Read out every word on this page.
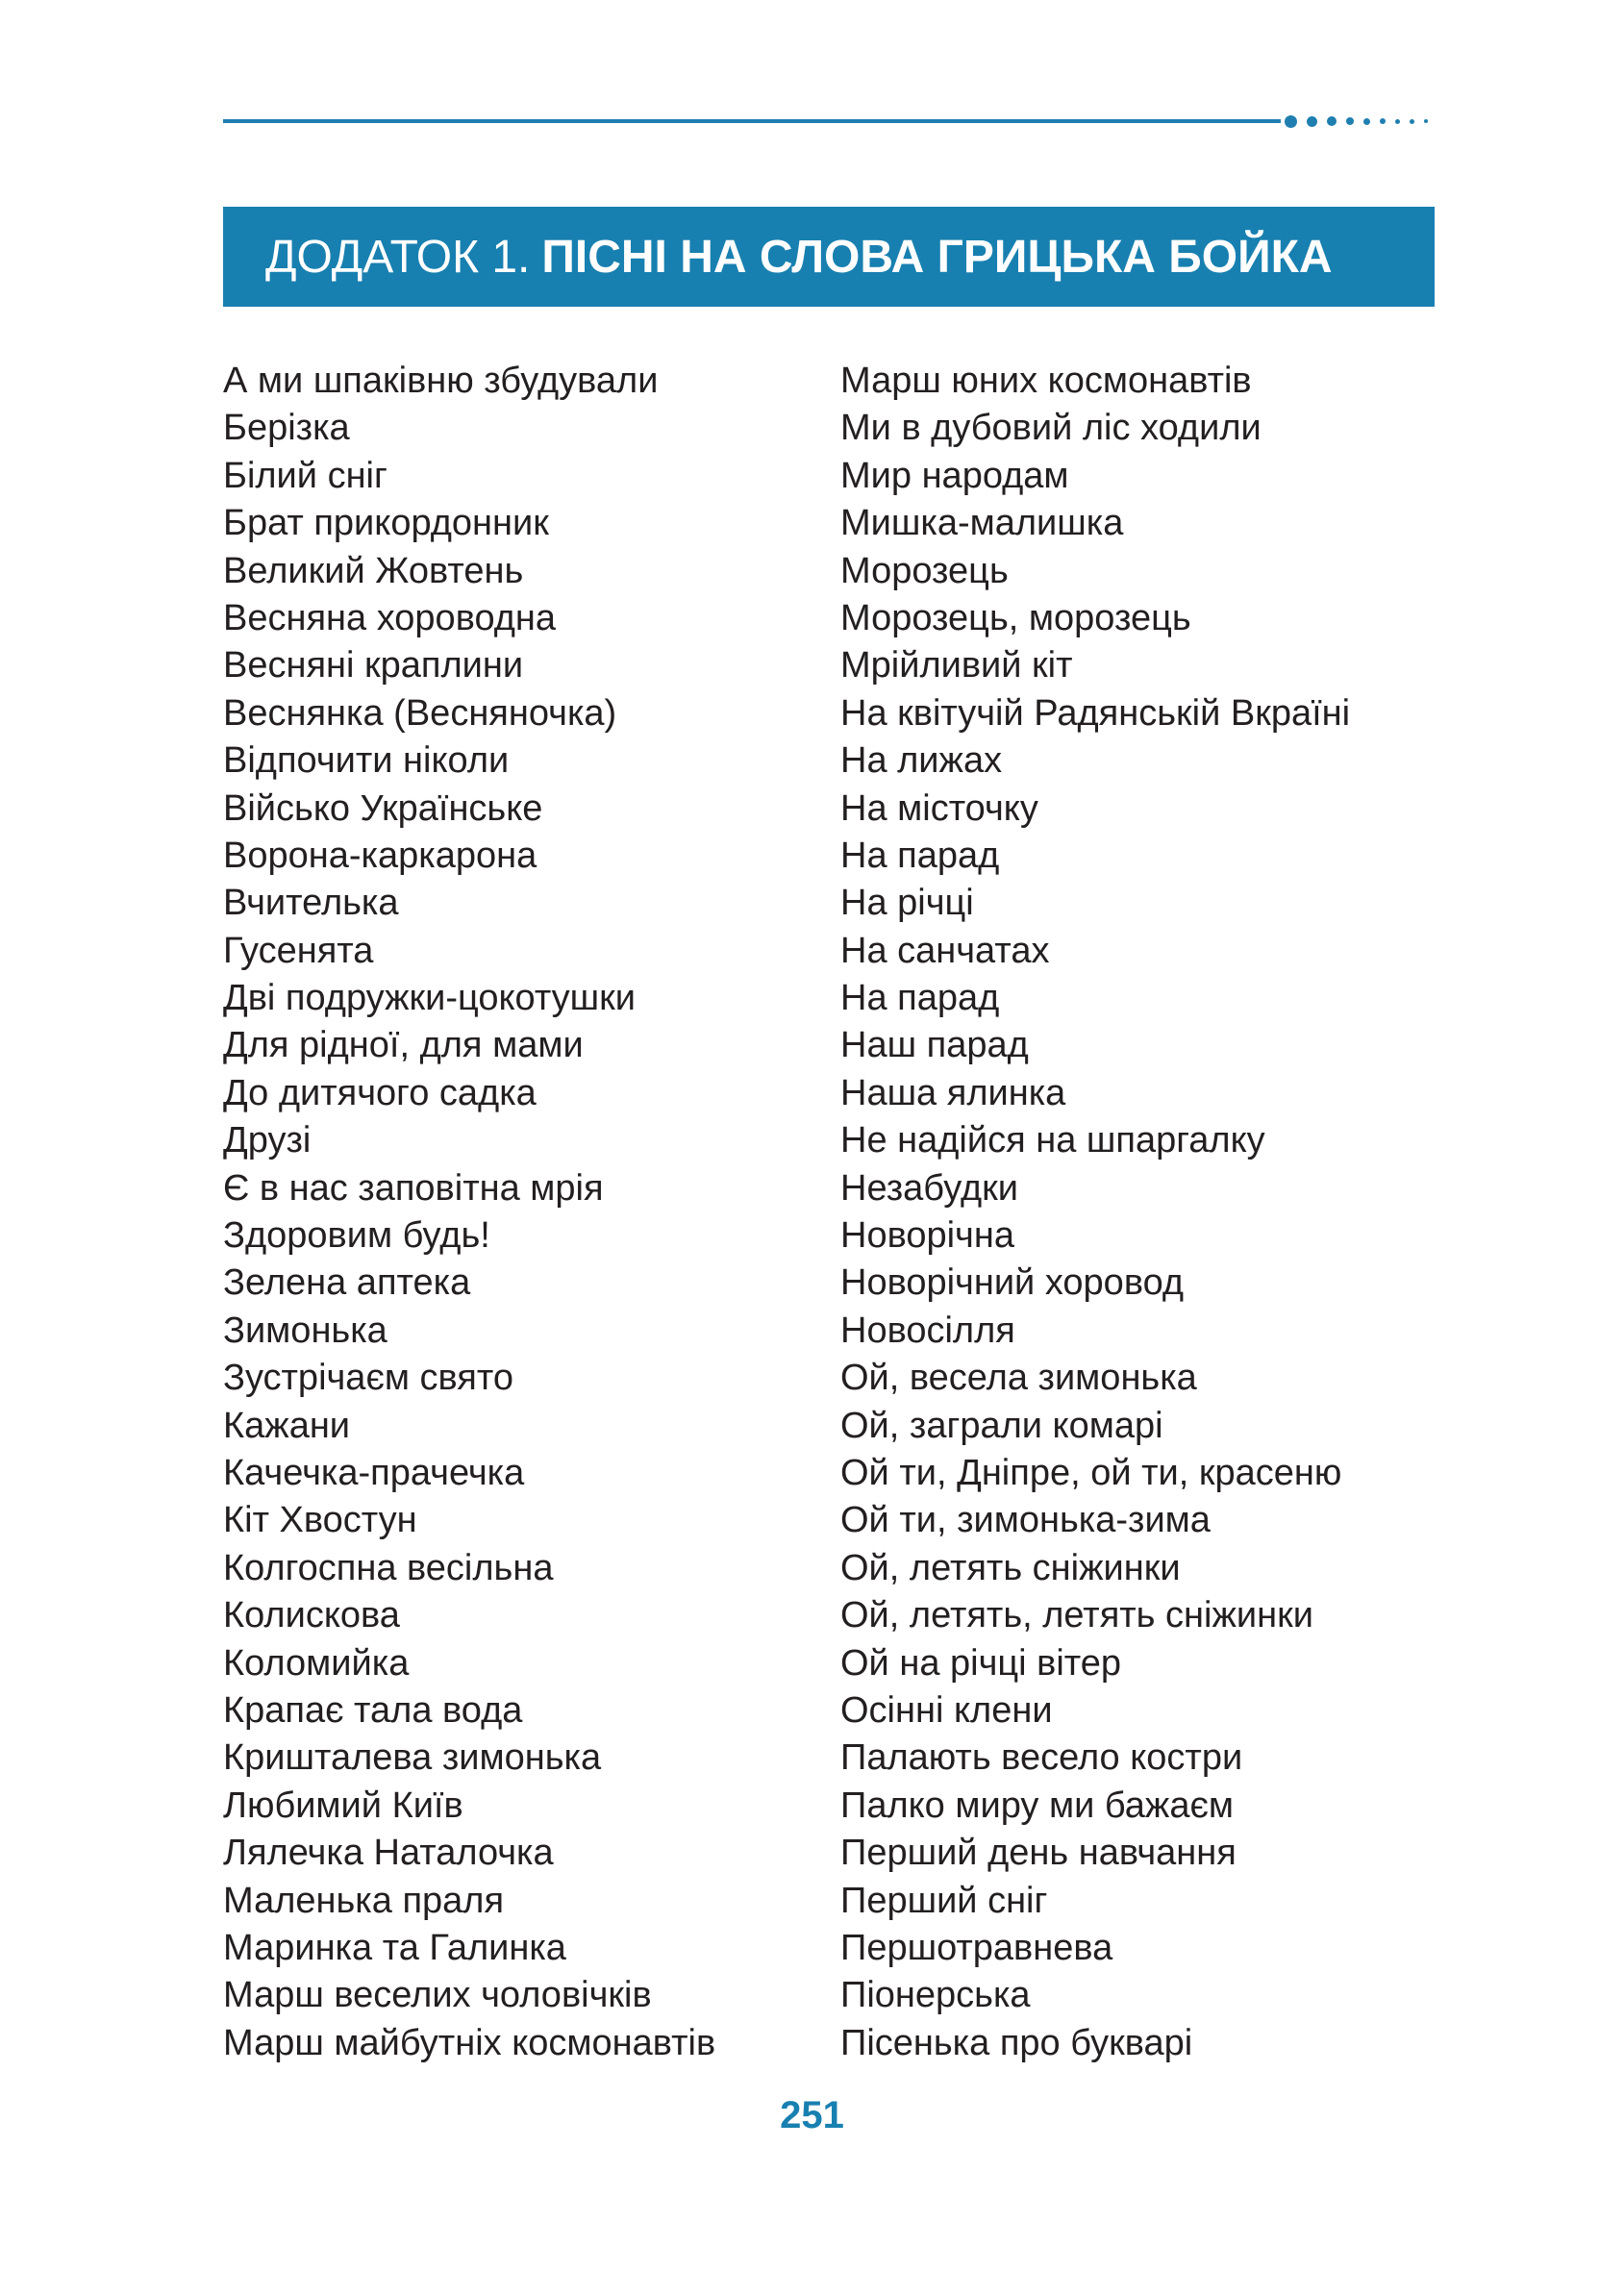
ДОДАТОК 1. ПІСНІ НА СЛОВА ГРИЦЬКА БОЙКА
А ми шпаківню збудували
Берізка
Білий сніг
Брат прикордонник
Великий Жовтень
Весняна хороводна
Весняні краплини
Веснянка (Весняночка)
Відпочити ніколи
Військо Українське
Ворона-каркарона
Вчителька
Гусенята
Дві подружки-цокотушки
Для рідної, для мами
До дитячого садка
Друзі
Є в нас заповітна мрія
Здоровим будь!
Зелена аптека
Зимонька
Зустрічаєм свято
Кажани
Качечка-прачечка
Кіт Хвостун
Колгоспна весільна
Колискова
Коломийка
Крапає тала вода
Кришталева зимонька
Любимий Київ
Лялечка Наталочка
Маленька праля
Маринка та Галинка
Марш веселих чоловічків
Марш майбутніх космонавтів
Марш юних космонавтів
Ми в дубовий ліс ходили
Мир народам
Мишка-малишка
Морозець
Морозець, морозець
Мрійливий кіт
На квітучій Радянській Вкраїні
На лижах
На місточку
На парад
На річці
На санчатах
На парад
Наш парад
Наша ялинка
Не надійся на шпаргалку
Незабудки
Новорічна
Новорічний хоровод
Новосілля
Ой, весела зимонька
Ой, заграли комарі
Ой ти, Дніпре, ой ти, красеню
Ой ти, зимонька-зима
Ой, летять сніжинки
Ой, летять, летять сніжинки
Ой на річці вітер
Осінні клени
Палають весело костри
Палко миру ми бажаєм
Перший день навчання
Перший сніг
Першотравнева
Піонерська
Пісенька про букварі
251
